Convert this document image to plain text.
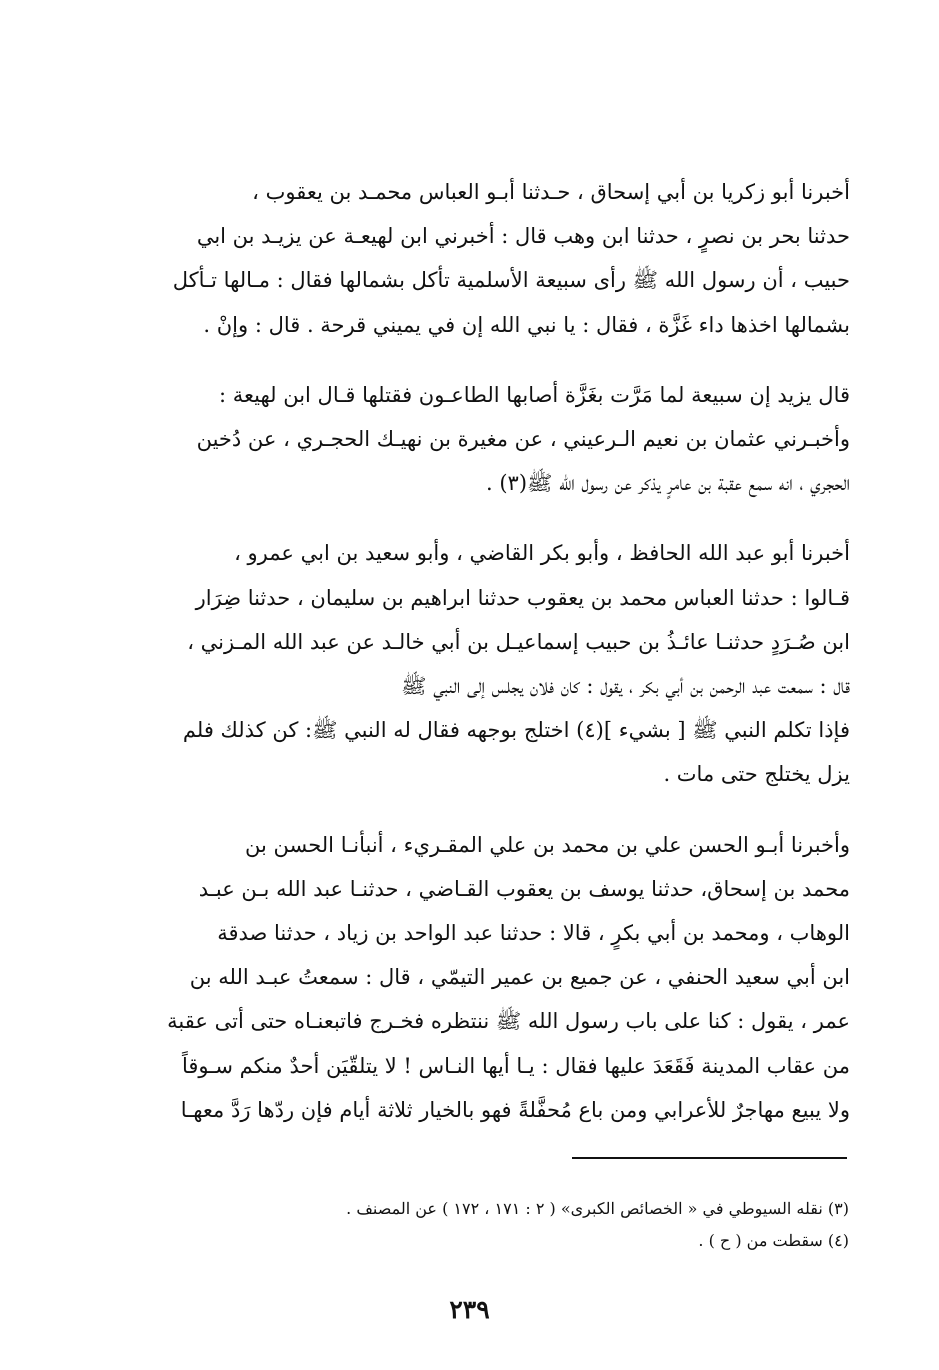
أخبرنا أبو زكريا بن أبي إسحاق ، حـدثنا أبـو العباس محمـد بن يعقوب ،
حدثنا بحر بن نصرٍ ، حدثنا ابن وهب قال : أخبرني ابن لهيعـة عن يزيـد بن ابي
حبيب ، أن رسول الله ﷺ رأى سبيعة الأسلمية تأكل بشمالها فقال : مـالها تـأكل
بشمالها اخذها داء غَزَّة ، فقال : يا نبي الله إن في يميني قرحة . قال : وإنْ .

قال يزيد إن سبيعة لما مَرَّت بغَزَّة أصابها الطاعـون فقتلها قـال ابن لهيعة :
وأخبـرني عثمان بن نعيم الـرعيني ، عن مغيرة بن نهيـك الحجـري ، عن دُخين
الحجري ، انه سمع عقبة بن عامرٍ يذكر عن رسول الله ﷺ(٣) .

أخبرنا أبو عبد الله الحافظ ، وأبو بكر القاضي ، وأبو سعيد بن ابي عمرو ،
قـالوا : حدثنا العباس محمد بن يعقوب حدثنا ابراهيم بن سليمان ، حدثنا ضِرَار
ابن صُـرَدٍ حدثنـا عائـذُ بن حبيب إسماعيـل بن أبي خالـد عن عبد الله المـزني ،
قال : سمعت عبد الرحمن بن أبي بكر ، يقول : كان فلان يجلس إلى النبي ﷺ
فإذا تكلم النبي ﷺ [ بشيء ](٤) اختلج بوجهه فقال له النبي ﷺ: كن كذلك فلم
يزل يختلج حتى مات .

وأخبرنا أبـو الحسن علي بن محمد بن علي المقـريء ، أنبأنـا الحسن بن
محمد بن إسحاق، حدثنا يوسف بن يعقوب القـاضي ، حدثنـا عبد الله بـن عبـد
الوهاب ، ومحمد بن أبي بكرٍ ، قالا : حدثنا عبد الواحد بن زياد ، حدثنا صدقة
ابن أبي سعيد الحنفي ، عن جميع بن عمير التيمّي ، قال : سمعتُ عبـد الله بن
عمر ، يقول : كنا على باب رسول الله ﷺ ننتظره فخـرج فاتبعنـاه حتى أتى عقبة
من عقاب المدينة فَقَعَدَ عليها فقال : يـا أيها النـاس ! لا يتلقّيَن أحدٌ منكم سـوقاً
ولا يبيع مهاجرٌ للأعرابي ومن باع مُحفَّلةً فهو بالخيار ثلاثة أيام فإن ردّها رَدَّ معهـا

(٣) نقله السيوطي في « الخصائص الكبرى» ( ٢ : ١٧١ ، ١٧٢ ) عن المصنف .
(٤) سقطت من ( ح ) .
٢٣٩
